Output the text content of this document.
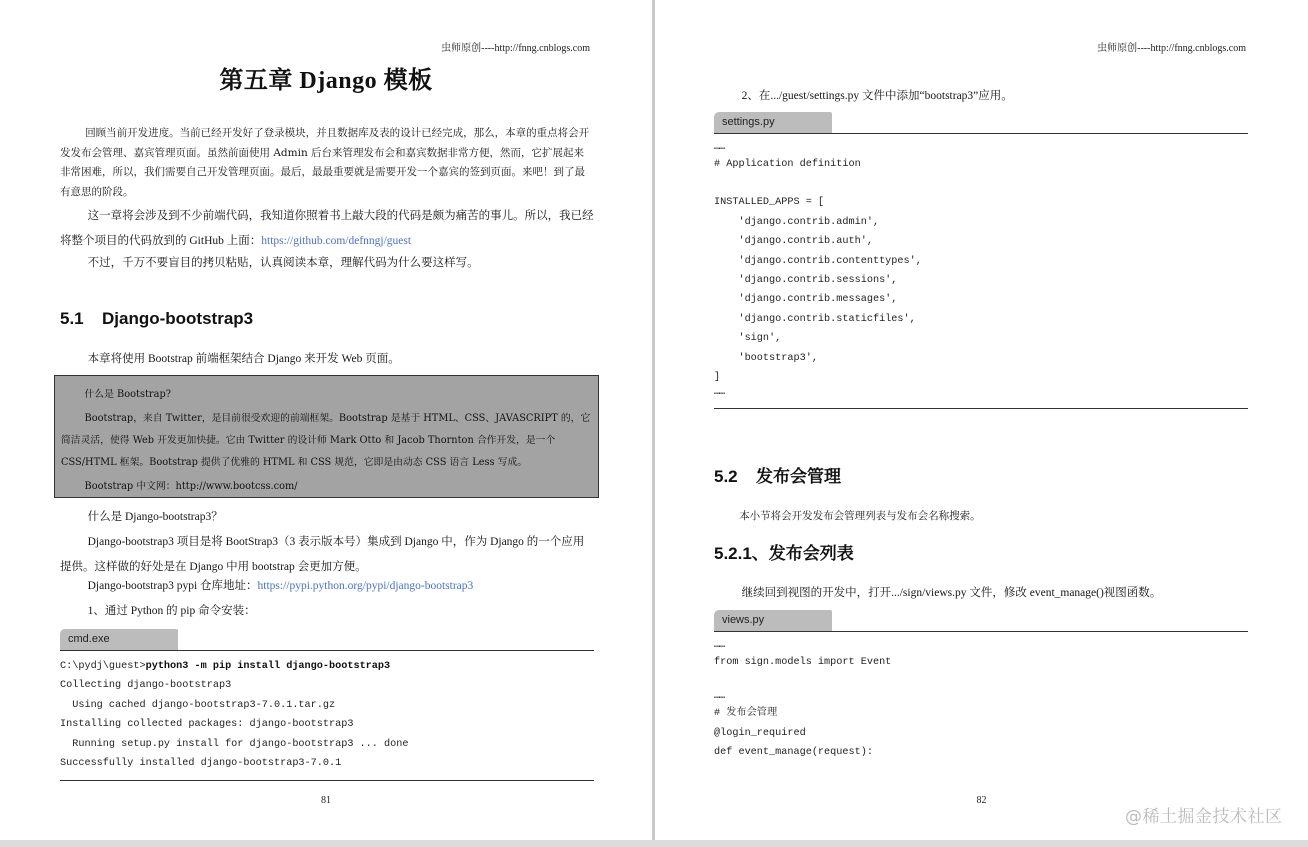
虫师原创----http://fnng.cnblogs.com
第五章 Django 模板
回顾当前开发进度。当前已经开发好了登录模块，并且数据库及表的设计已经完成，那么，本章的重点将会开发发布会管理、嘉宾管理页面。虽然前面使用 Admin 后台来管理发布会和嘉宾数据非常方便，然而，它扩展起来非常困难，所以，我们需要自己开发管理页面。最后，最最重要就是需要开发一个嘉宾的签到页面。来吧！到了最有意思的阶段。
这一章将会涉及到不少前端代码，我知道你照着书上敲大段的代码是颇为痛苦的事儿。所以，我已经将整个项目的代码放到的 GitHub 上面：https://github.com/defnngj/guest
不过，千万不要盲目的拷贝粘贴，认真阅读本章，理解代码为什么要这样写。
5.1 Django-bootstrap3
本章将使用 Bootstrap 前端框架结合 Django 来开发 Web 页面。
什么是 Bootstrap?
Bootstrap，来自 Twitter，是目前很受欢迎的前端框架。Bootstrap 是基于 HTML、CSS、JAVASCRIPT 的，它简洁灵活，使得 Web 开发更加快捷。它由 Twitter 的设计师 Mark Otto 和 Jacob Thornton 合作开发，是一个 CSS/HTML 框架。Bootstrap 提供了优雅的 HTML 和 CSS 规范，它即是由动态 CSS 语言 Less 写成。
Bootstrap 中文网：http://www.bootcss.com/
什么是 Django-bootstrap3？
Django-bootstrap3 项目是将 BootStrap3（3 表示版本号）集成到 Django 中，作为 Django 的一个应用提供。这样做的好处是在 Django 中用 bootstrap 会更加方便。
Django-bootstrap3 pypi 仓库地址：https://pypi.python.org/pypi/django-bootstrap3
1、通过 Python 的 pip 命令安装：
cmd.exe
C:\pydj\guest>python3 -m pip install django-bootstrap3
Collecting django-bootstrap3
Using cached django-bootstrap3-7.0.1.tar.gz
Installing collected packages: django-bootstrap3
Running setup.py install for django-bootstrap3 ... done
Successfully installed django-bootstrap3-7.0.1
81
虫师原创----http://fnng.cnblogs.com
2、在.../guest/settings.py 文件中添加“bootstrap3”应用。
settings.py
……
# Application definition
INSTALLED_APPS = [
'django.contrib.admin',
'django.contrib.auth',
'django.contrib.contenttypes',
'django.contrib.sessions',
'django.contrib.messages',
'django.contrib.staticfiles',
'sign',
'bootstrap3',
]
……
5.2 发布会管理
本小节将会开发发布会管理列表与发布会名称搜索。
5.2.1、发布会列表
继续回到视图的开发中，打开.../sign/views.py 文件，修改 event_manage()视图函数。
views.py
……
from sign.models import Event
……
# 发布会管理
@login_required
def event_manage(request):
82
@稀土掘金技术社区
